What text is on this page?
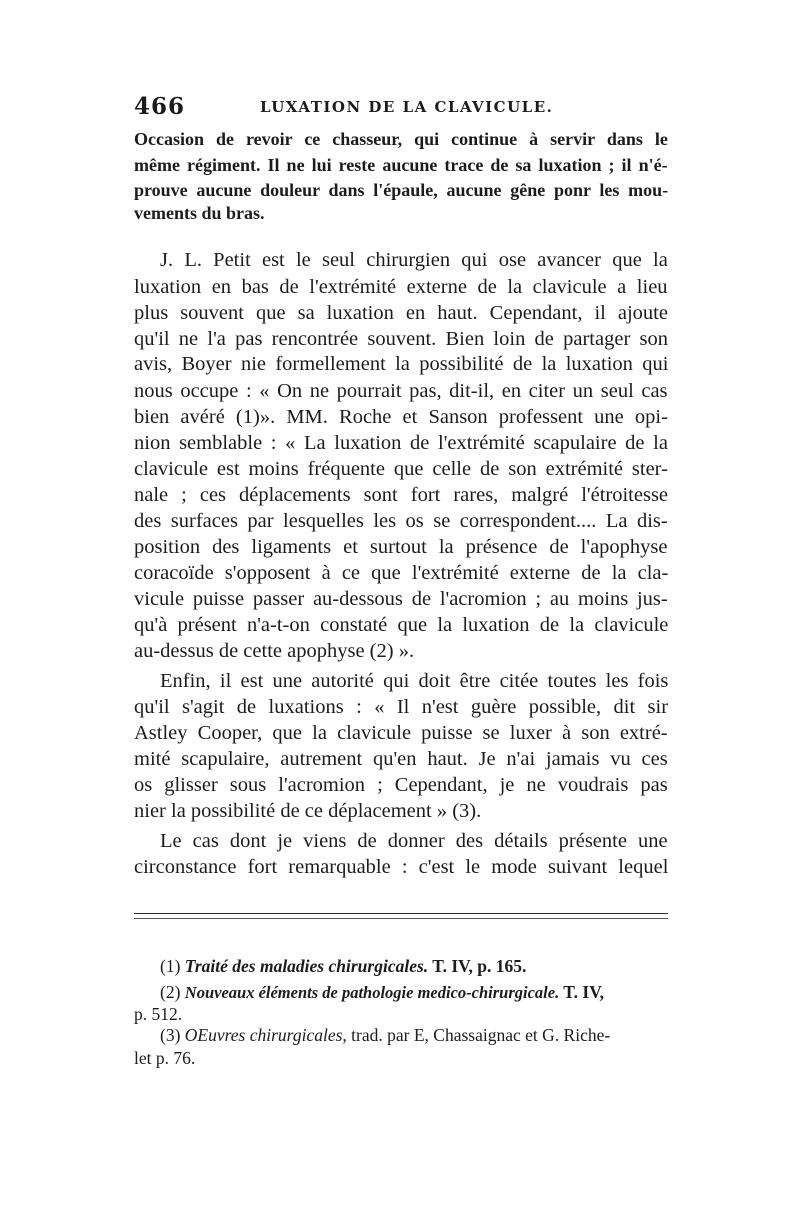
466	LUXATION DE LA CLAVICULE.
Occasion de revoir ce chasseur, qui continue à servir dans le
même régiment. Il ne lui reste aucune trace de sa luxation ; il n'é-
prouve aucune douleur dans l'épaule, aucune gêne ponr les mou-
vements du bras.
J. L. Petit est le seul chirurgien qui ose avancer que la
luxation en bas de l'extrémité externe de la clavicule a lieu
plus souvent que sa luxation en haut. Cependant, il ajoute
qu'il ne l'a pas rencontrée souvent. Bien loin de partager son
avis, Boyer nie formellement la possibilité de la luxation qui
nous occupe : « On ne pourrait pas, dit-il, en citer un seul cas
bien avéré (1)». MM. Roche et Sanson professent une opi-
nion semblable : « La luxation de l'extrémité scapulaire de la
clavicule est moins fréquente que celle de son extrémité ster-
nale ; ces déplacements sont fort rares, malgré l'étroitesse
des surfaces par lesquelles les os se correspondent.... La dis-
position des ligaments et surtout la présence de l'apophyse
coracoïde s'opposent à ce que l'extrémité externe de la cla-
vicule puisse passer au-dessous de l'acromion ; au moins jus-
qu'à présent n'a-t-on constaté que la luxation de la clavicule
au-dessus de cette apophyse (2) ».
Enfin, il est une autorité qui doit être citée toutes les fois
qu'il s'agit de luxations : « Il n'est guère possible, dit sir
Astley Cooper, que la clavicule puisse se luxer à son extré-
mité scapulaire, autrement qu'en haut. Je n'ai jamais vu ces
os glisser sous l'acromion ; Cependant, je ne voudrais pas
nier la possibilité de ce déplacement » (3).
Le cas dont je viens de donner des détails présente une
circonstance fort remarquable : c'est le mode suivant lequel
(1) Traité des maladies chirurgicales. T. IV, p. 165.
(2) Nouveaux éléments de pathologie medico-chirurgicale. T. IV,
p. 512.
(3) OEuvres chirurgicales, trad. par E, Chassaignac et G. Riche-
let p. 76.
